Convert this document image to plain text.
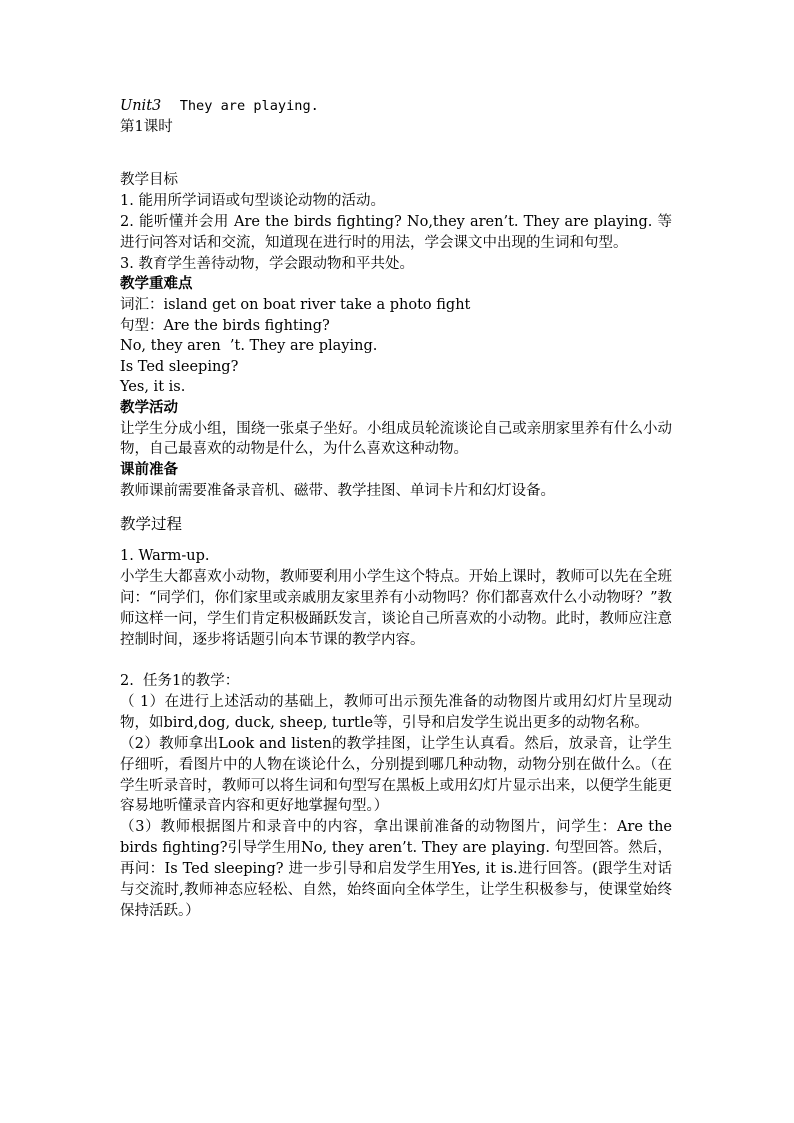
Unit3 They are playing.
第1课时
教学目标
1. 能用所学词语或句型谈论动物的活动。
2. 能听懂并会用 Are the birds fighting? No,they aren’t. They are playing. 等进行问答对话和交流，知道现在进行时的用法，学会课文中出现的生词和句型。
3. 教育学生善待动物，学会跟动物和平共处。
教学重难点
词汇：island get on boat river take a photo fight
句型：Are the birds fighting?
No, they aren  ’t. They are playing.
Is Ted sleeping?
Yes, it is.
教学活动
让学生分成小组，围绕一张桌子坐好。小组成员轮流谈论自己或亲朋家里养有什么小动物，自己最喜欢的动物是什么，为什么喜欢这种动物。
课前准备
教师课前需要准备录音机、磁带、教学挂图、单词卡片和幻灯设备。
教学过程
1. Warm-up.
小学生大都喜欢小动物，教师要利用小学生这个特点。开始上课时，教师可以先在全班问：“同学们，你们家里或亲戚朋友家里养有小动物吗？你们都喜欢什么小动物呀？”教师这样一问，学生们肯定积极踊跃发言，谈论自己所喜欢的小动物。此时，教师应注意控制时间，逐步将话题引向本节课的教学内容。
2.  任务1的教学：
（ 1）在进行上述活动的基础上，教师可出示预先准备的动物图片或用幻灯片呈现动物，如bird,dog, duck, sheep, turtle等，引导和启发学生说出更多的动物名称。
（2）教师拿出Look and listen的教学挂图，让学生认真看。然后，放录音，让学生仔细听，看图片中的人物在谈论什么，分别提到哪几种动物，动物分别在做什么。（在学生听录音时，教师可以将生词和句型写在黑板上或用幻灯片显示出来，以便学生能更容易地听懂录音内容和更好地掌握句型。）
（3）教师根据图片和录音中的内容，拿出课前准备的动物图片，问学生：Are the birds fighting?引导学生用No, they aren’t. They are playing. 句型回答。然后，再问：Is Ted sleeping? 进一步引导和启发学生用Yes, it is.进行回答。(跟学生对话与交流时,教师神态应轻松、自然，始终面向全体学生，让学生积极参与，使课堂始终保持活跃。）
